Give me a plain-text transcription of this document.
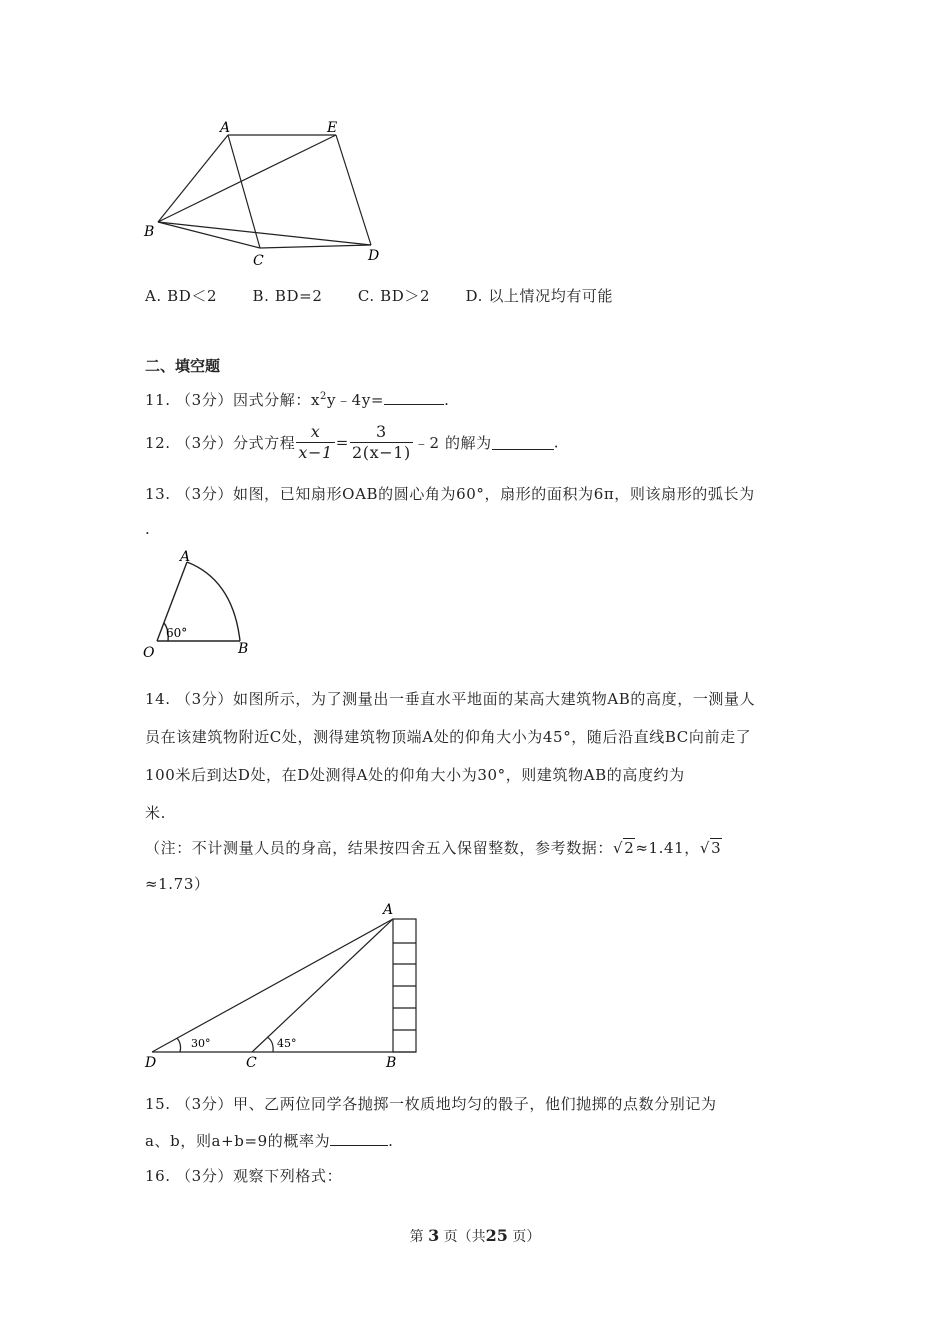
A	E
B
C	D
A. BD＜2 B. BD=2 C. BD＞2 D. 以上情况均有可能
二、填空题
11. （3分）因式分解：$x^2y﹣4y=$	.
12. （3分）分式方程 $\frac{x}{x-1} = \frac{3}{2(x-1)}$ ﹣2 的解为	.
13. （3分）如图，已知扇形OAB的圆心角为60°，扇形的面积为6π，则该扇形的弧长为
.
A
O	B
60°
14. （3分）如图所示，为了测量出一垂直水平地面的某高大建筑物AB的高度，一测量人
员在该建筑物附近C处，测得建筑物顶端A处的仰角大小为45°，随后沿直线BC向前走了
100米后到达D处，在D处测得A处的仰角大小为30°，则建筑物AB的高度约为
米.
（注：不计测量人员的身高，结果按四舍五入保留整数，参考数据：√2≈1.41，√3
≈1.73）
A
D	C	B
30°	45°
15. （3分）甲、乙两位同学各抛掷一枚质地均匀的骰子，他们抛掷的点数分别记为
a、b，则a+b=9的概率为	.
16. （3分）观察下列格式：
第 3 页（共25 页）
